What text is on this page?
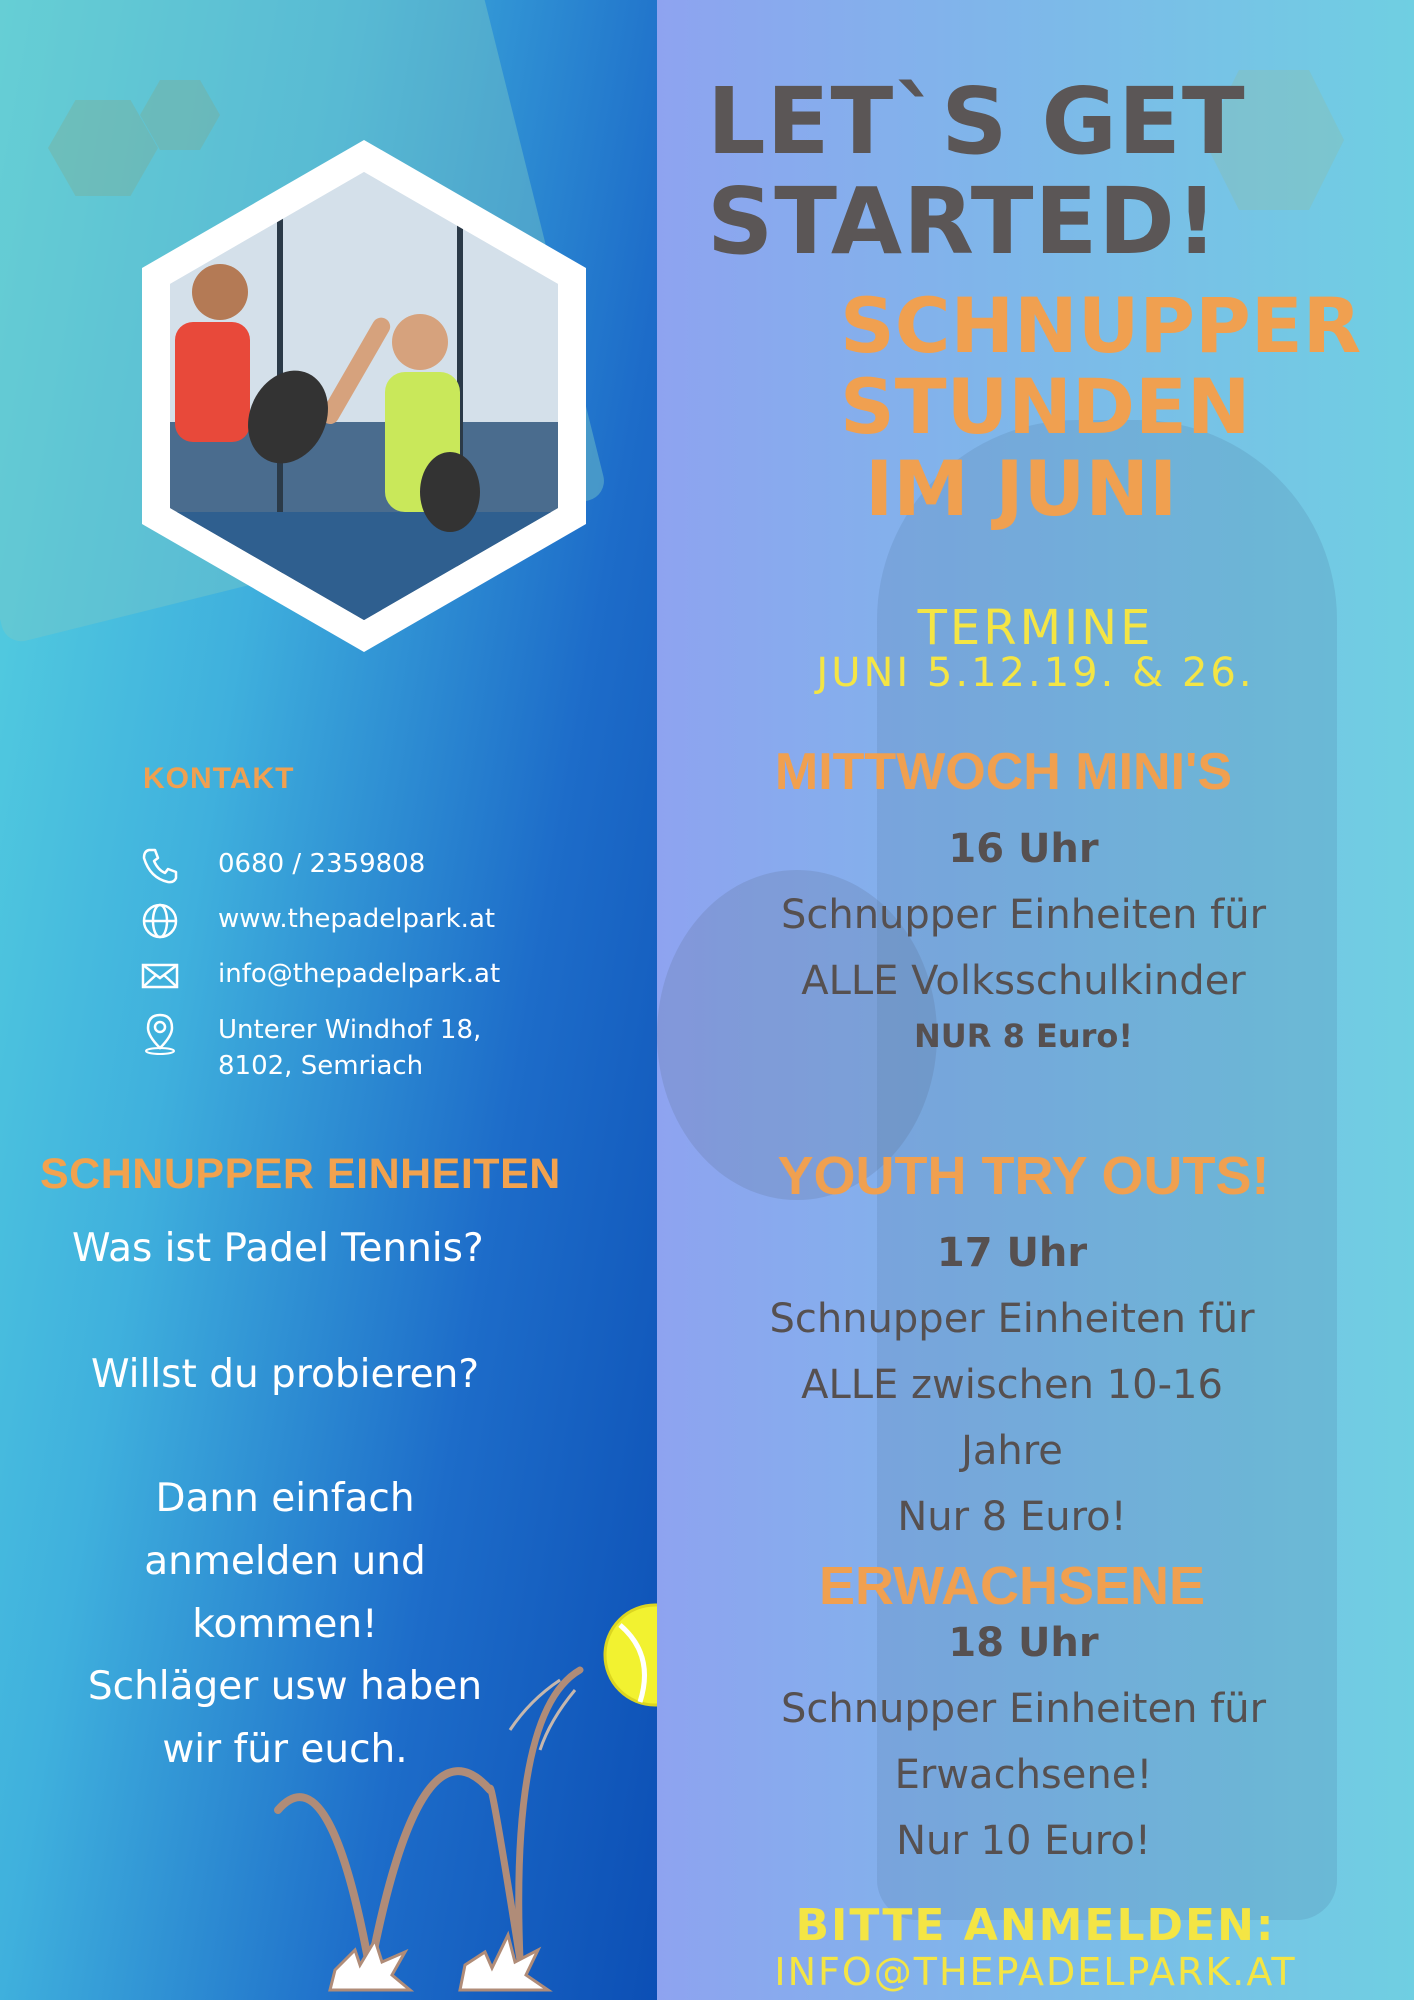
KONTAKT
0680 / 2359808
www.thepadelpark.at
info@thepadelpark.at
Unterer Windhof 18,
8102, Semriach
SCHNUPPER EINHEITEN
Was ist Padel Tennis?
Willst du probieren?
Dann einfach
anmelden und
kommen!
Schläger usw haben
wir für euch.
LET`S GET
STARTED!
SCHNUPPER
STUNDEN
IM JUNI
TERMINE
JUNI 5.12.19. & 26.
MITTWOCH MINI'S
16 Uhr
Schnupper Einheiten für
ALLE Volksschulkinder
NUR 8 Euro!
YOUTH TRY OUTS!
17 Uhr
Schnupper Einheiten für
ALLE zwischen 10-16
Jahre
Nur 8 Euro!
ERWACHSENE
18 Uhr
Schnupper Einheiten für
Erwachsene!
Nur 10 Euro!
BITTE ANMELDEN:
INFO@THEPADELPARK.AT
